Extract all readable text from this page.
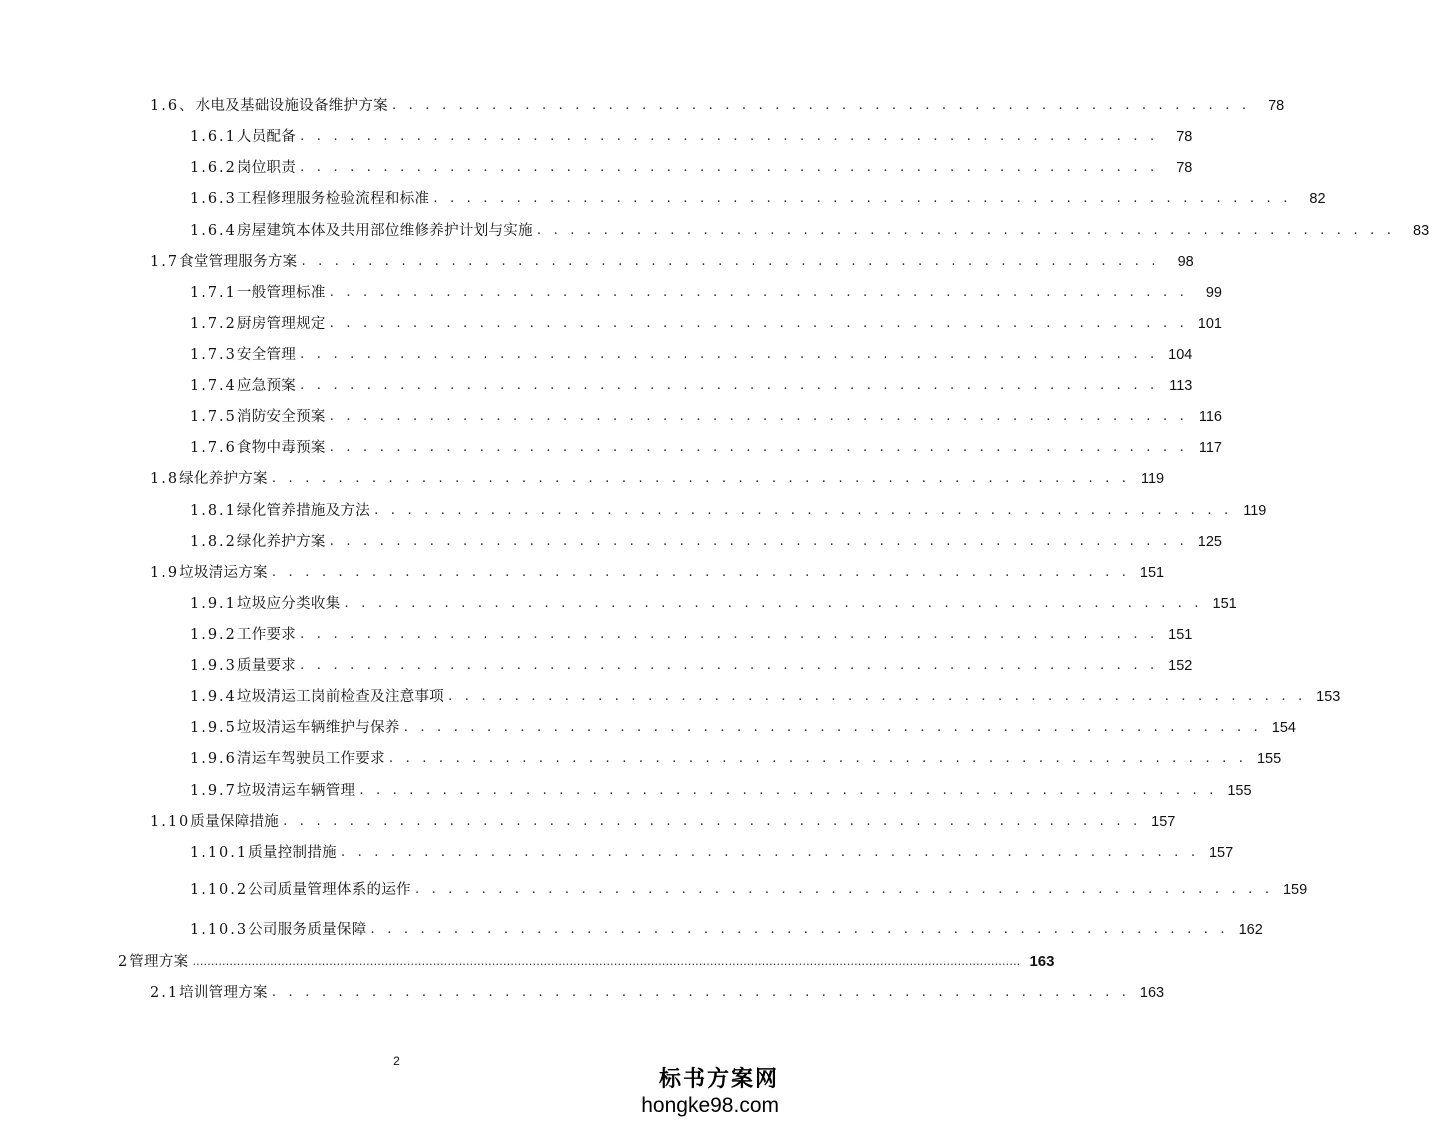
1.6、水电及基础设施设备维护方案 . . . . . . . . . . . . . . . . . . . . . . . . . . . . . . . . . . . . . . . . . . . . . . . . . . . .	78
1.6.1人员配备 . . . . . . . . . . . . . . . . . . . . . . . . . . . . . . . . . . . . . . . . . . . . . . . . . . . .	78
1.6.2岗位职责 . . . . . . . . . . . . . . . . . . . . . . . . . . . . . . . . . . . . . . . . . . . . . . . . . . . .	78
1.6.3工程修理服务检验流程和标准 . . . . . . . . . . . . . . . . . . . . . . . . . . . . . . . . . . . . . . . . . . . . . . . . . . . .	82
1.6.4房屋建筑本体及共用部位维修养护计划与实施 . . . . . . . . . . . . . . . . . . . . . . . . . . . . . . . . . . . . . . . . . . . . . . . . . . . .	83
1.7食堂管理服务方案 . . . . . . . . . . . . . . . . . . . . . . . . . . . . . . . . . . . . . . . . . . . . . . . . . . . .	98
1.7.1一般管理标准 . . . . . . . . . . . . . . . . . . . . . . . . . . . . . . . . . . . . . . . . . . . . . . . . . . . .	99
1.7.2厨房管理规定 . . . . . . . . . . . . . . . . . . . . . . . . . . . . . . . . . . . . . . . . . . . . . . . . . . . . 101
1.7.3安全管理 . . . . . . . . . . . . . . . . . . . . . . . . . . . . . . . . . . . . . . . . . . . . . . . . . . . . 104
1.7.4应急预案 . . . . . . . . . . . . . . . . . . . . . . . . . . . . . . . . . . . . . . . . . . . . . . . . . . . . 113
1.7.5消防安全预案 . . . . . . . . . . . . . . . . . . . . . . . . . . . . . . . . . . . . . . . . . . . . . . . . . . . . 116
1.7.6食物中毒预案 . . . . . . . . . . . . . . . . . . . . . . . . . . . . . . . . . . . . . . . . . . . . . . . . . . . . 117
1.8绿化养护方案 . . . . . . . . . . . . . . . . . . . . . . . . . . . . . . . . . . . . . . . . . . . . . . . . . . . . 119
1.8.1绿化管养措施及方法 . . . . . . . . . . . . . . . . . . . . . . . . . . . . . . . . . . . . . . . . . . . . . . . . . . . . 119
1.8.2绿化养护方案 . . . . . . . . . . . . . . . . . . . . . . . . . . . . . . . . . . . . . . . . . . . . . . . . . . . . 125
1.9垃圾清运方案 . . . . . . . . . . . . . . . . . . . . . . . . . . . . . . . . . . . . . . . . . . . . . . . . . . . . 151
1.9.1垃圾应分类收集 . . . . . . . . . . . . . . . . . . . . . . . . . . . . . . . . . . . . . . . . . . . . . . . . . . . . 151
1.9.2工作要求 . . . . . . . . . . . . . . . . . . . . . . . . . . . . . . . . . . . . . . . . . . . . . . . . . . . . 151
1.9.3质量要求 . . . . . . . . . . . . . . . . . . . . . . . . . . . . . . . . . . . . . . . . . . . . . . . . . . . . 152
1.9.4垃圾清运工岗前检查及注意事项 . . . . . . . . . . . . . . . . . . . . . . . . . . . . . . . . . . . . . . . . . . . . . . . . . . . . 153
1.9.5垃圾清运车辆维护与保养 . . . . . . . . . . . . . . . . . . . . . . . . . . . . . . . . . . . . . . . . . . . . . . . . . . . . 154
1.9.6清运车驾驶员工作要求 . . . . . . . . . . . . . . . . . . . . . . . . . . . . . . . . . . . . . . . . . . . . . . . . . . . . 155
1.9.7垃圾清运车辆管理 . . . . . . . . . . . . . . . . . . . . . . . . . . . . . . . . . . . . . . . . . . . . . . . . . . . . 155
1.10质量保障措施 . . . . . . . . . . . . . . . . . . . . . . . . . . . . . . . . . . . . . . . . . . . . . . . . . . . . 157
1.10.1质量控制措施 . . . . . . . . . . . . . . . . . . . . . . . . . . . . . . . . . . . . . . . . . . . . . . . . . . . . 157
1.10.2公司质量管理体系的运作 . . . . . . . . . . . . . . . . . . . . . . . . . . . . . . . . . . . . . . . . . . . . . . . . . . . . 159
1.10.3公司服务质量保障 . . . . . . . . . . . . . . . . . . . . . . . . . . . . . . . . . . . . . . . . . . . . . . . . . . . . 162
2管理方案 ................................................................................................................................................................................................................................ 163
2.1培训管理方案 . . . . . . . . . . . . . . . . . . . . . . . . . . . . . . . . . . . . . . . . . . . . . . . . . . . . 163
2
标书方案网
hongke98.com
